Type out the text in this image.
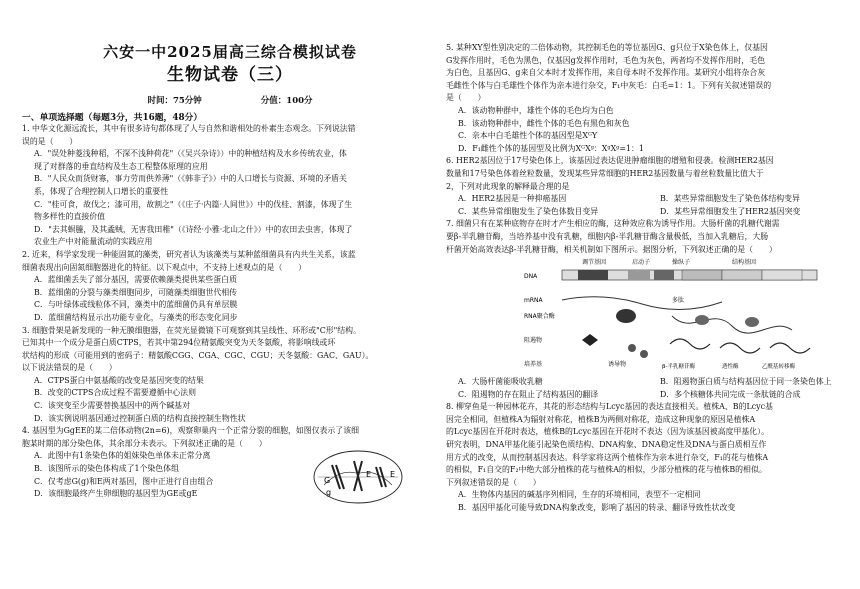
六安一中2025届高三综合模拟试卷
生物试卷（三）
时间：75分钟	分值：100分
一、单项选择题（每题3分，共16题，48分）

1. 中华文化源远流长，其中有很多诗句都体现了人与自然和谐相处的朴素生态观念。下列说法错

误的是（　　）

A．"误处种菱浅种稻，不深不浅种荷花"（《吴兴杂诗》）中的种植结构及水乡传统农业，体

现了对群落的垂直结构及生态工程整体原理的应用

B．"人民众而货财寡，事力劳而供养薄"（《韩非子》）中的人口增长与资源、环境的矛盾关

系，体现了合理控制人口增长的重要性

C．"桂可食，故伐之；漆可用，故割之"（《庄子·内篇·人间世》）中的伐桂、割漆，体现了生

物多样性的直接价值

D．"去其螟螣，及其蟊贼，无害我田稚"（《诗经·小雅·北山之什》）中的农田去虫害，体现了

农业生产中对能量流动的实践应用

2. 近来，科学家发现一种能固氮的藻类，研究者认为该藻类与某种蓝细菌具有内共生关系，该蓝

细菌表现出向固氮细胞器进化的特征。以下观点中，不支持上述观点的是（　　）

A．蓝细菌丢失了部分基因，需要依赖藻类提供某些蛋白质

B．蓝细菌的分裂与藻类细胞同步，可随藻类细胞世代相传

C．与叶绿体或线粒体不同，藻类中的蓝细菌仍具有单层膜

D．蓝细菌结构显示出功能专业化，与藻类的形态变化同步

3. 细胞骨架是新发现的一种无膜细胞器，在荧光显微镜下可观察到其呈线性、环形或"C形"结构。

已知其中一个成分是蛋白质CTPS，若其中第294位精氨酸突变为天冬氨酸，将影响线或环

状结构的形成（可能用到的密码子：精氨酸CGG、CGA、CGC、CGU；天冬氨酸：GAC、GAU）。

以下说法错误的是（　　）

A．CTPS蛋白中氨基酸的改变是基因突变的结果

B．改变的CTPS合成过程不需要遵循中心法则

C．该突变至少需要替换基因中的两个碱基对

D．该实例说明基因通过控制蛋白质的结构直接控制生物性状

4. 基因型为GgEE的某二倍体动物(2n=6)，观察卵巢内一个正常分裂的细胞，如图仅表示了该细

胞某时期的部分染色体，其余部分未表示。下列叙述正确的是（　　）

A．此图中有1条染色体的姐妹染色单体未正常分离

B．该图所示的染色体构成了1个染色体组

C．仅考虑G(g)和E两对基因，图中正进行自由组合

D．该细胞最终产生卵细胞的基因型为GE或gE

G
g
E E

5. 某种XY型性别决定的二倍体动物，其控制毛色的等位基因G、g只位于X染色体上，仅基因

G发挥作用时，毛色为黑色，仅基因g发挥作用时，毛色为灰色，两者均不发挥作用时，毛色

为白色，且基因G、g来自父本时才发挥作用，来自母本时不发挥作用。某研究小组将杂合灰

毛雌性个体与白毛雄性个体作为亲本进行杂交，F₁中灰毛：白毛=1：1。下列有关叙述错误的

是（　　）

A．该动物种群中，雄性个体的毛色均为白色

B．该动物种群中，雌性个体的毛色有黑色和灰色

C．亲本中白毛雄性个体的基因型是XᴳY

D．F₁雌性个体的基因型及比例为XᴳXᵍ：XᵍXᵍ=1：1

6. HER2基因位于17号染色体上，该基因过表达促进肿瘤细胞的增殖和侵袭。检测HER2基因

数量和17号染色体着丝粒数量，发现某些异常细胞的HER2基因数量与着丝粒数量比值大于

2，下列对此现象的解释最合理的是

A．HER2基因是一种抑癌基因	B．某些异常细胞发生了染色体结构变异
C．某些异常细胞发生了染色体数目变异	D．某些异常细胞发生了HER2基因突变

7. 细菌只有在某种底物存在时才产生相应的酶，这种效应称为诱导作用。大肠杆菌的乳糖代谢需

要β-半乳糖苷酶，当培养基中没有乳糖，细胞内β-半乳糖苷酶含量极低，当加入乳糖后，大肠

杆菌开始高效表达β-半乳糖苷酶，相关机制如下图所示。据图分析，下列叙述正确的是（　　）

DNA
mRNA
RNA聚合酶
阻遏物
培养基
调节基因	启动子	操纵子	结构基因
β-半乳糖苷酶	透性酶	乙酰基转移酶
诱导物
多肽
A．大肠杆菌能吸收乳糖	B．阻遏物蛋白质与结构基因位于同一条染色体上
C．阻遏物的存在阻止了结构基因的翻译	D．多个核糖体共同完成一条肽链的合成

8. 柳穿鱼是一种园林花卉，其花的形态结构与Lcyc基因的表达直接相关。植株A、B的Lcyc基

因完全相同，但植株A为辐射对称花，植株B为两侧对称花，造成这种现象的原因是植株A

的Lcyc基因在开花时表达，植株B的Lcyc基因在开花时不表达（因为该基因被高度甲基化）。

研究表明，DNA甲基化能引起染色质结构、DNA构象、DNA稳定性及DNA与蛋白质相互作

用方式的改变，从而控制基因表达。科学家将这两个植株作为亲本进行杂交，F₁的花与植株A

的相似，F₁自交的F₂中绝大部分植株的花与植株A的相似，少部分植株的花与植株B的相似。

下列叙述错误的是（　　）

A．生物体内基因的碱基序列相同，生存的环境相同，表型不一定相同

B．基因甲基化可能导致DNA构象改变，影响了基因的转录、翻译导致性状改变
